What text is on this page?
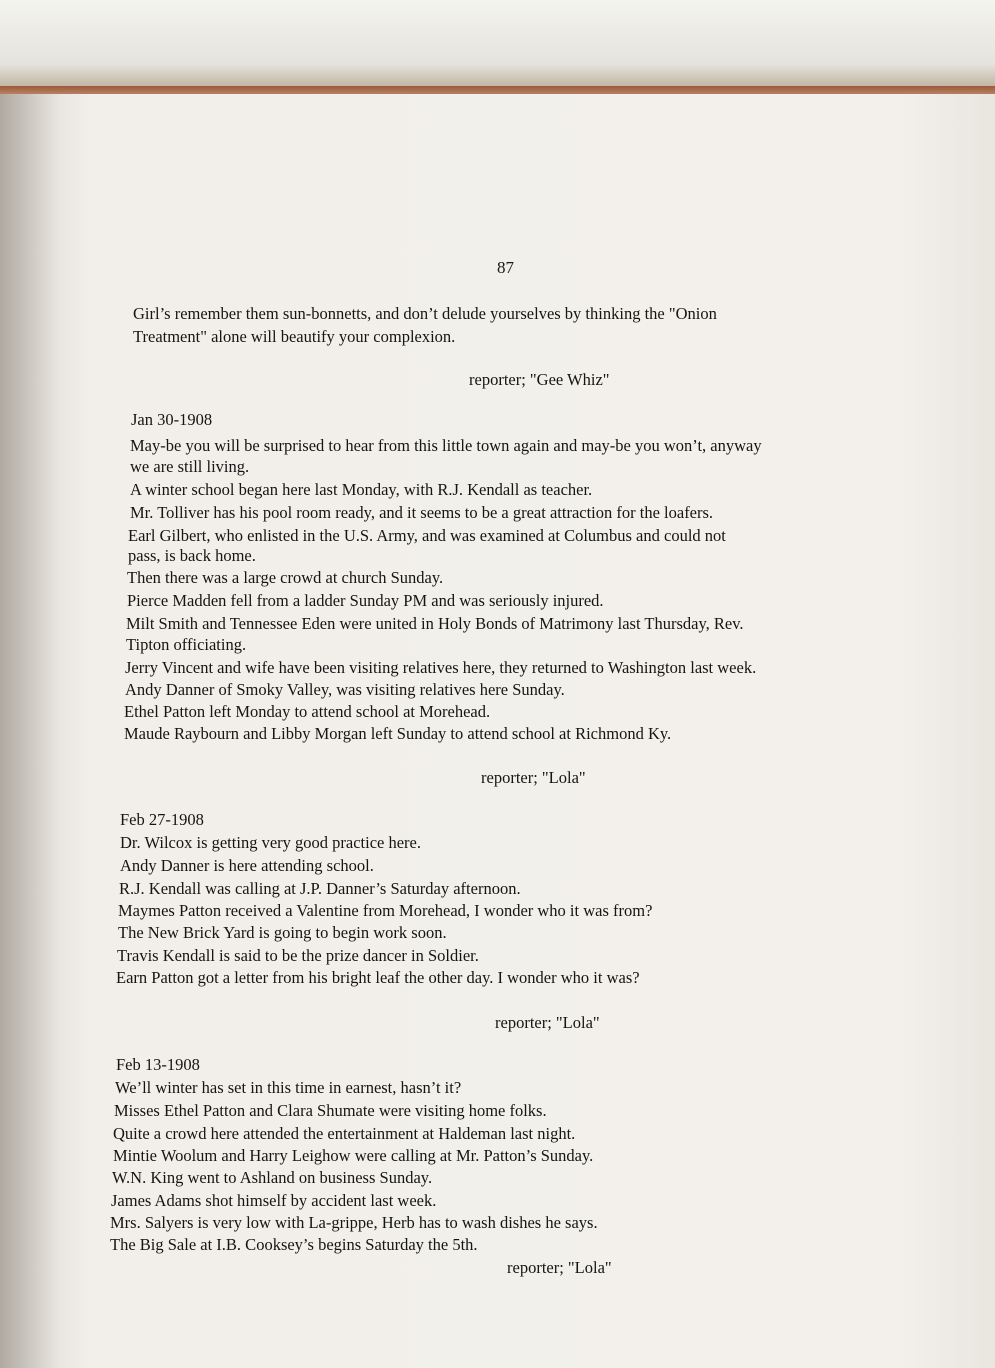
87
Girl’s remember them sun-bonnetts, and don’t delude yourselves by thinking the "Onion
Treatment" alone will beautify your complexion.
reporter; "Gee Whiz"
Jan 30-1908
May-be you will be surprised to hear from this little town again and may-be you won’t, anyway
we are still living.
A winter school began here last Monday, with R.J. Kendall as teacher.
Mr. Tolliver has his pool room ready, and it seems to be a great attraction for the loafers.
Earl Gilbert, who enlisted in the U.S. Army, and was examined at Columbus and could not
pass, is back home.
Then there was a large crowd at church Sunday.
Pierce Madden fell from a ladder Sunday PM and was seriously injured.
Milt Smith and Tennessee Eden were united in Holy Bonds of Matrimony last Thursday, Rev.
Tipton officiating.
Jerry Vincent and wife have been visiting relatives here, they returned to Washington last week.
Andy Danner of Smoky Valley, was visiting relatives here Sunday.
Ethel Patton left Monday to attend school at Morehead.
Maude Raybourn and Libby Morgan left Sunday to attend school at Richmond Ky.
reporter; "Lola"
Feb 27-1908
Dr. Wilcox is getting very good practice here.
Andy Danner is here attending school.
R.J. Kendall was calling at J.P. Danner’s Saturday afternoon.
Maymes Patton received a Valentine from Morehead, I wonder who it was from?
The New Brick Yard is going to begin work soon.
Travis Kendall is said to be the prize dancer in Soldier.
Earn Patton got a letter from his bright leaf the other day. I wonder who it was?
reporter; "Lola"
Feb 13-1908
We’ll winter has set in this time in earnest, hasn’t it?
Misses Ethel Patton and Clara Shumate were visiting home folks.
Quite a crowd here attended the entertainment at Haldeman last night.
Mintie Woolum and Harry Leighow were calling at Mr. Patton’s Sunday.
W.N. King went to Ashland on business Sunday.
James Adams shot himself by accident last week.
Mrs. Salyers is very low with La-grippe, Herb has to wash dishes he says.
The Big Sale at I.B. Cooksey’s begins Saturday the 5th.
reporter; "Lola"
